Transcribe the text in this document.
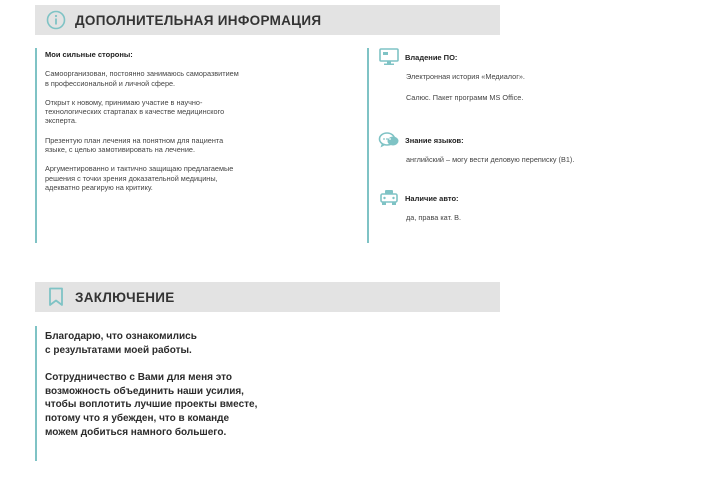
ДОПОЛНИТЕЛЬНАЯ ИНФОРМАЦИЯ
Мои сильные стороны:

Самоорганизован, постоянно занимаюсь саморазвитием
в профессиональной и личной сфере.

Открыт к новому, принимаю участие в научно-
технологических стартапах в качестве медицинского
эксперта.

Презентую план лечения на понятном для пациента
языке, с целью замотивировать на лечение.

Аргументированно и тактично защищаю предлагаемые
решения с точки зрения доказательной медицины,
адекватно реагирую на критику.

Владение ПО:
Электронная история «Медиалог».
Cалюс. Пакет программ MS Office.
Знание языков:
английский – могу вести деловую переписку (B1).
Наличие авто:
да, права кат. B.
ЗАКЛЮЧЕНИЕ

Благодарю, что ознакомились
с результатами моей работы.

Сотрудничество с Вами для меня это
возможность объединить наши усилия,
чтобы воплотить лучшие проекты вместе,
потому что я убежден, что в команде
можем добиться намного большего.
